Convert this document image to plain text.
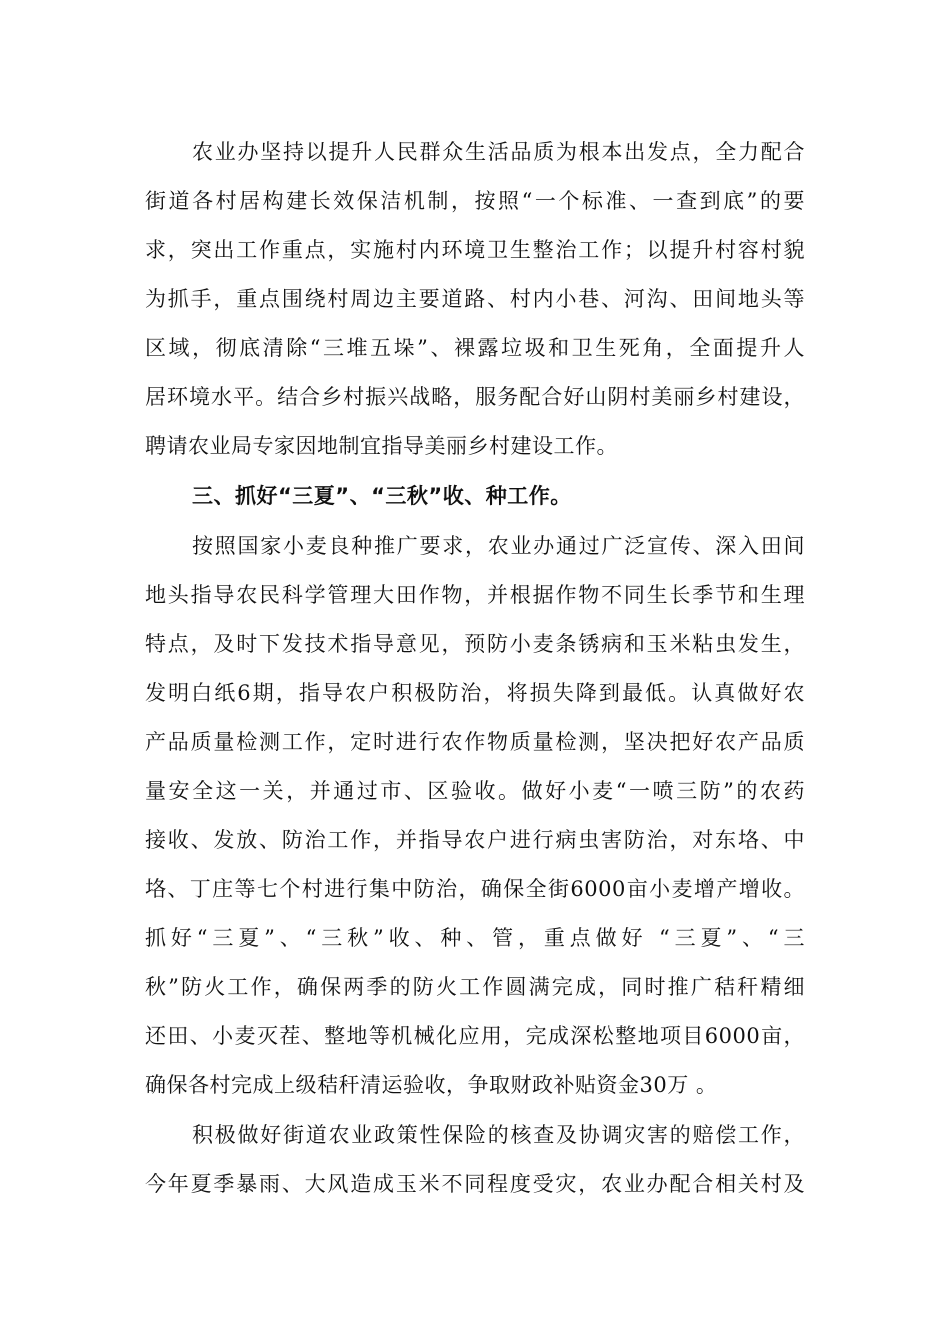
农业办坚持以提升人民群众生活品质为根本出发点，全力配合
街道各村居构建长效保洁机制，按照“一个标准、一查到底”的要
求，突出工作重点，实施村内环境卫生整治工作；以提升村容村貌
为抓手，重点围绕村周边主要道路、村内小巷、河沟、田间地头等
区域，彻底清除“三堆五垛”、裸露垃圾和卫生死角，全面提升人
居环境水平。结合乡村振兴战略，服务配合好山阴村美丽乡村建设，
聘请农业局专家因地制宜指导美丽乡村建设工作。
三、抓好“三夏”、“三秋”收、种工作。
按照国家小麦良种推广要求，农业办通过广泛宣传、深入田间
地头指导农民科学管理大田作物，并根据作物不同生长季节和生理
特点，及时下发技术指导意见，预防小麦条锈病和玉米粘虫发生，
发明白纸6期，指导农户积极防治，将损失降到最低。认真做好农
产品质量检测工作，定时进行农作物质量检测，坚决把好农产品质
量安全这一关，并通过市、区验收。做好小麦“一喷三防”的农药
接收、发放、防治工作，并指导农户进行病虫害防治，对东垎、中
垎、丁庄等七个村进行集中防治，确保全街6000亩小麦增产增收。
抓好“三夏”、“三秋”收、种、管，重点做好 “三夏”、“三
秋”防火工作，确保两季的防火工作圆满完成，同时推广秸秆精细
还田、小麦灭茬、整地等机械化应用，完成深松整地项目6000亩，
确保各村完成上级秸秆清运验收，争取财政补贴资金30万 。
积极做好街道农业政策性保险的核查及协调灾害的赔偿工作，
今年夏季暴雨、大风造成玉米不同程度受灾，农业办配合相关村及
